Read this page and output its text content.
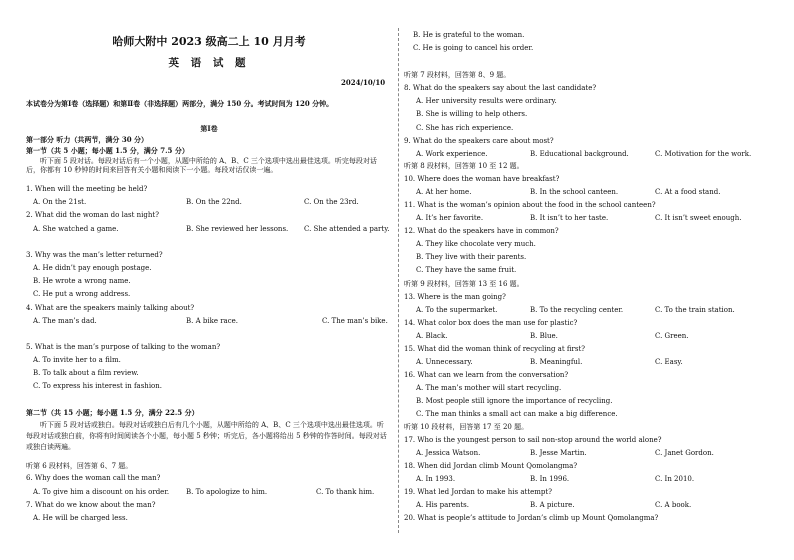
哈师大附中 2023 级高二上 10 月月考
英 语 试 题
2024/10/10
本试卷分为第Ⅰ卷（选择题）和第Ⅱ卷（非选择题）两部分，满分 150 分。考试时间为 120 分钟。
第Ⅰ卷
第一部分 听力（共两节，满分 30 分）
第一节（共 5 小题；每小题 1.5 分，满分 7.5 分）
听下面 5 段对话。每段对话后有一个小题，从题中所给的 A、B、C 三个选项中选出最佳选项。听完每段对话后，你都有 10 秒钟的时间来回答有关小题和阅读下一小题。每段对话仅读一遍。
1. When will the meeting be held?
A. On the 21st.	B. On the 22nd.	C. On the 23rd.
2. What did the woman do last night?
A. She watched a game.	B. She reviewed her lessons. C. She attended a party.
3. Why was the man’s letter returned?
A. He didn’t pay enough postage.
B. He wrote a wrong name.
C. He put a wrong address.
4. What are the speakers mainly talking about?
A. The man’s dad.	B. A bike race.	C. The man’s bike.
5. What is the man’s purpose of talking to the woman?
A. To invite her to a film.
B. To talk about a film review.
C. To express his interest in fashion.
第二节（共 15 小题；每小题 1.5 分，满分 22.5 分）
听下面 5 段对话或独白。每段对话或独白后有几个小题，从题中所给的 A、B、C 三个选项中选出最佳选项。听每段对话或独白前，你将有时间阅读各个小题，每小题 5 秒钟；听完后，各小题将给出 5 秒钟的作答时间。每段对话或独白读两遍。
听第 6 段材料，回答第 6、7 题。
6. Why does the woman call the man?
A. To give him a discount on his order. B. To apologize to him.	C. To thank him.
7. What do we know about the man?
A. He will be charged less.
B. He is grateful to the woman.
C. He is going to cancel his order.
听第 7 段材料，回答第 8、9 题。
8. What do the speakers say about the last candidate?
A. Her university results were ordinary.
B. She is willing to help others.
C. She has rich experience.
9. What do the speakers care about most?
A. Work experience.	B. Educational background.	C. Motivation for the work.
听第 8 段材料，回答第 10 至 12 题。
10. Where does the woman have breakfast?
A. At her home.	B. In the school canteen.	C. At a food stand.
11. What is the woman’s opinion about the food in the school canteen?
A. It’s her favorite.	B. It isn’t to her taste.	C. It isn’t sweet enough.
12. What do the speakers have in common?
A. They like chocolate very much.
B. They live with their parents.
C. They have the same fruit.
听第 9 段材料，回答第 13 至 16 题。
13. Where is the man going?
A. To the supermarket.	B. To the recycling center.	C. To the train station.
14. What color box does the man use for plastic?
A. Black.	B. Blue.	C. Green.
15. What did the woman think of recycling at first?
A. Unnecessary.	B. Meaningful.	C. Easy.
16. What can we learn from the conversation?
A. The man’s mother will start recycling.
B. Most people still ignore the importance of recycling.
C. The man thinks a small act can make a big difference.
听第 10 段材料，回答第 17 至 20 题。
17. Who is the youngest person to sail non-stop around the world alone?
A. Jessica Watson.	B. Jesse Martin.	C. Janet Gordon.
18. When did Jordan climb Mount Qomolangma?
A. In 1993.	B. In 1996.	C. In 2010.
19. What led Jordan to make his attempt?
A. His parents.	B. A picture.	C. A book.
20. What is people’s attitude to Jordan’s climb up Mount Qomolangma?
